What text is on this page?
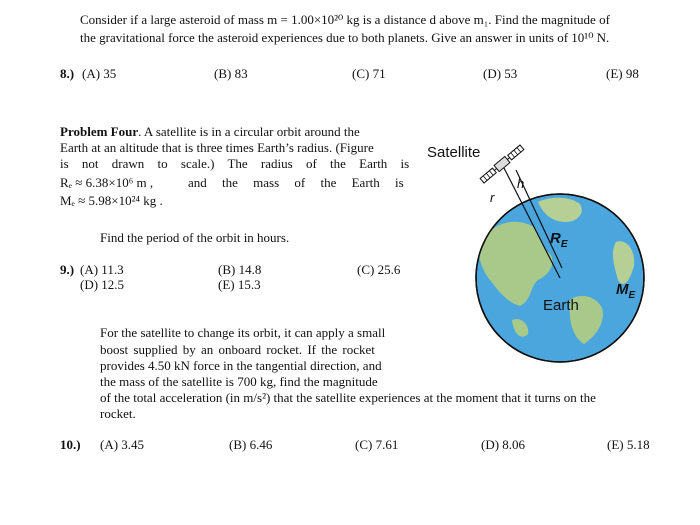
Consider if a large asteroid of mass m = 1.00×10²⁰ kg is a distance d above m₁. Find the magnitude of
the gravitational force the asteroid experiences due to both planets. Give an answer in units of 10¹⁰ N.
8.) (A) 35	(B) 83	(C) 71	(D) 53	(E) 98
Problem Four. A satellite is in a circular orbit around the
Earth at an altitude that is three times Earth’s radius. (Figure
is not drawn to scale.) The radius of the Earth is
Rₑ ≈ 6.38×10⁶ m ,	and the mass of the Earth is
Mₑ ≈ 5.98×10²⁴ kg .
Find the period of the orbit in hours.
9.) (A) 11.3	(B) 14.8	(C) 25.6
(D) 12.5	(E) 15.3
For the satellite to change its orbit, it can apply a small
boost supplied by an onboard rocket. If the rocket
provides 4.50 kN force in the tangential direction, and
the mass of the satellite is 700 kg, find the magnitude
of the total acceleration (in m/s²) that the satellite experiences at the moment that it turns on the
rocket.
10.) (A) 3.45	(B) 6.46	(C) 7.61	(D) 8.06	(E) 5.18
Satellite
h
r
$R_E$
$M_E$
Earth
